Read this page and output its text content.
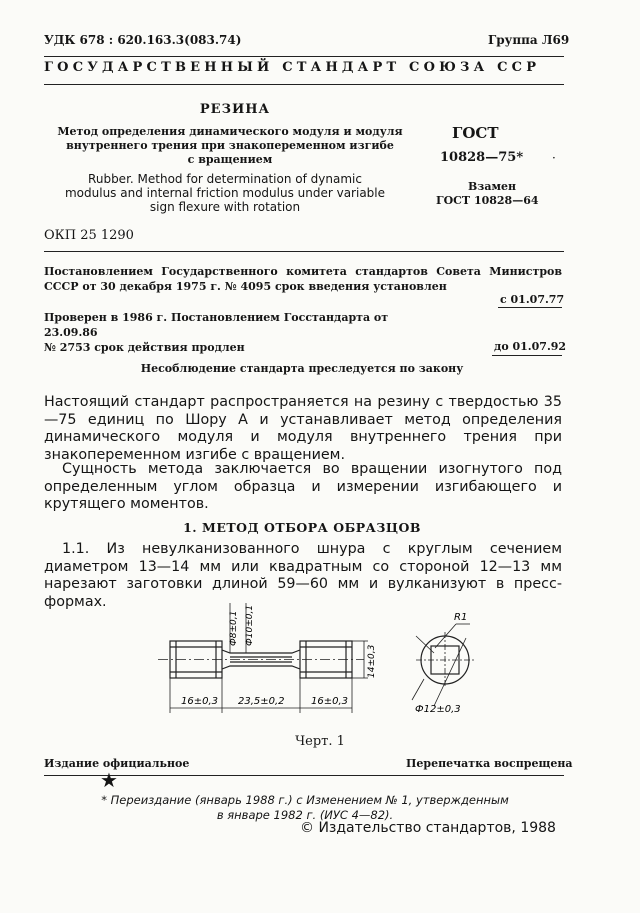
УДК 678 : 620.163.3(083.74)	Группа Л69
ГОСУДАРСТВЕННЫЙ СТАНДАРТ СОЮЗА ССР
РЕЗИНА
Метод определения динамического модуля и модуля
внутреннего трения при знакопеременном изгибе
с вращением
Rubber. Method for determination of dynamic
modulus and internal friction modulus under variable
sign flexure with rotation
ГОСТ
10828—75* ·
Взамен
ГОСТ 10828—64
ОКП 25 1290
Постановлением Государственного комитета стандартов Совета Министров СССР от 30 декабря 1975 г. № 4095 срок введения установлен
с 01.07.77
Проверен в 1986 г. Постановлением Госстандарта от 23.09.86
№ 2753 срок действия продлен	до 01.07.92
Несоблюдение стандарта преследуется по закону
Настоящий стандарт распространяется на резину с твердостью 35—75 единиц по Шору А и устанавливает метод определения динамического модуля и модуля внутреннего трения при знакопеременном изгибе с вращением.
Сущность метода заключается во вращении изогнутого под определенным углом образца и измерении изгибающего и крутящего моментов.
1. МЕТОД ОТБОРА ОБРАЗЦОВ
1.1. Из невулканизованного шнура с круглым сечением диаметром 13—14 мм или квадратным со стороной 12—13 мм нарезают заготовки длиной 59—60 мм и вулканизуют в пресс-формах.
16±0,3 23,5±0,2	16±0,3
Ф8±0,1 Ф10±0,1
14±0,3
R1
Ф12±0,3
Черт. 1
Издание официальное	Перепечатка воспрещена
★
* Переиздание (январь 1988 г.) с Изменением № 1, утвержденным
в январе 1982 г. (ИУС 4—82).
© Издательство стандартов, 1988
